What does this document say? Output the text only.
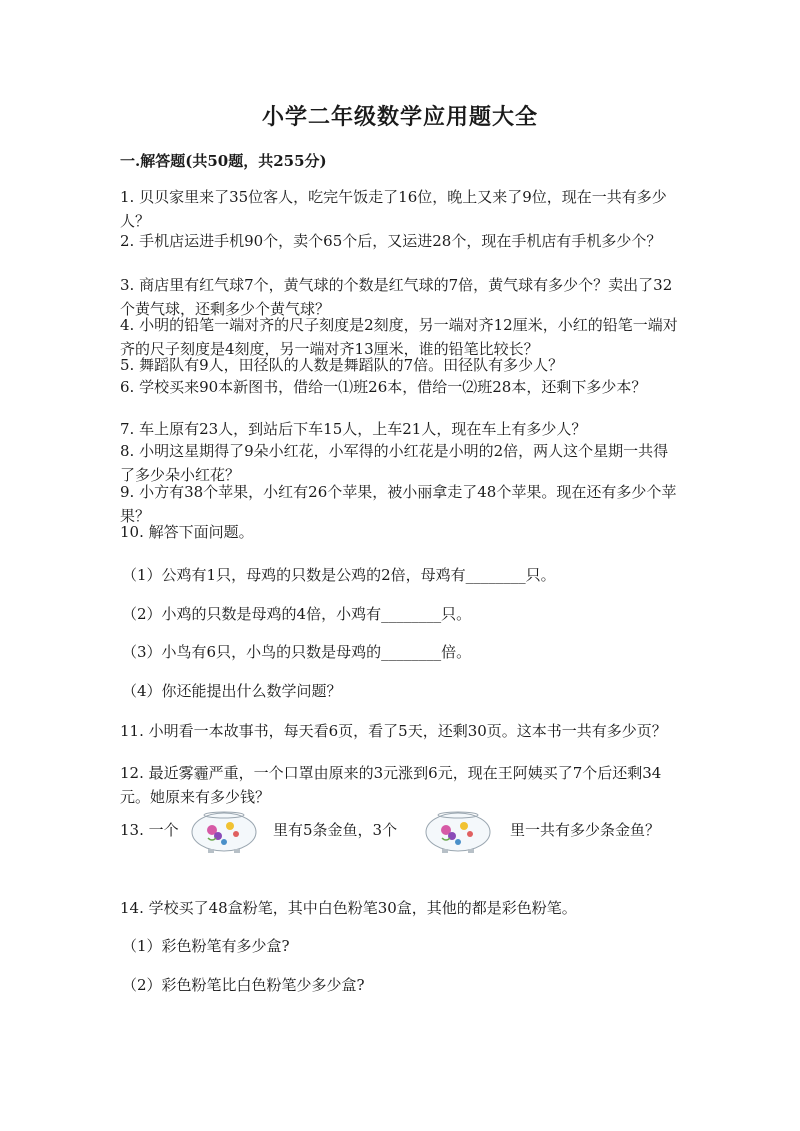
小学二年级数学应用题大全
一.解答题(共50题，共255分)
1. 贝贝家里来了35位客人，吃完午饭走了16位，晚上又来了9位，现在一共有多少人？
2. 手机店运进手机90个，卖个65个后，又运进28个，现在手机店有手机多少个？
3. 商店里有红气球7个，黄气球的个数是红气球的7倍，黄气球有多少个？卖出了32个黄气球，还剩多少个黄气球？
4. 小明的铅笔一端对齐的尺子刻度是2刻度，另一端对齐12厘米，小红的铅笔一端对齐的尺子刻度是4刻度，另一端对齐13厘米，谁的铅笔比较长？
5. 舞蹈队有9人，田径队的人数是舞蹈队的7倍。田径队有多少人？
6. 学校买来90本新图书，借给一⑴班26本，借给一⑵班28本，还剩下多少本？
7. 车上原有23人，到站后下车15人，上车21人，现在车上有多少人？
8. 小明这星期得了9朵小红花，小军得的小红花是小明的2倍，两人这个星期一共得了多少朵小红花？
9. 小方有38个苹果，小红有26个苹果，被小丽拿走了48个苹果。现在还有多少个苹果？
10. 解答下面问题。
（1）公鸡有1只，母鸡的只数是公鸡的2倍，母鸡有________只。
（2）小鸡的只数是母鸡的4倍，小鸡有________只。
（3）小鸟有6只，小鸟的只数是母鸡的________倍。
（4）你还能提出什么数学问题？
11. 小明看一本故事书，每天看6页，看了5天，还剩30页。这本书一共有多少页？
12. 最近雾霾严重，一个口罩由原来的3元涨到6元，现在王阿姨买了7个后还剩34元。她原来有多少钱？
13. 一个	里有5条金鱼，3个	里一共有多少条金鱼？
14. 学校买了48盒粉笔，其中白色粉笔30盒，其他的都是彩色粉笔。
（1）彩色粉笔有多少盒?
（2）彩色粉笔比白色粉笔少多少盒?
